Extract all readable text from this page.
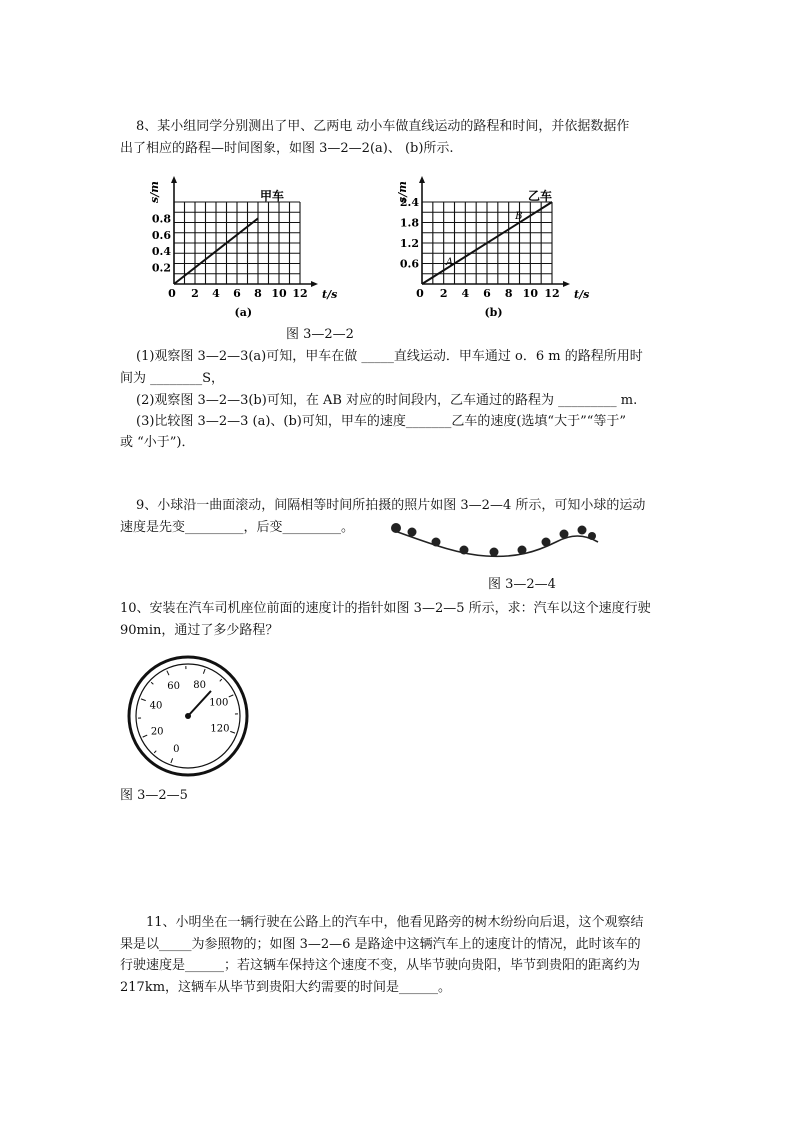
8、某小组同学分别测出了甲、乙两电 动小车做直线运动的路程和时间，并依据数据作
出了相应的路程—时间图象，如图 3—2—2(a)、 (b)所示.
0.2
0.4
0.6
0.8
2 4 6 8 10 12
0
s/m
t/s
甲车
(a)
0.6
1.2
1.8
2.4
2 4 6 8 10 12
0
s/m
t/s
乙车
(b)
A
B
图 3—2—2
(1)观察图 3—2—3(a)可知，甲车在做 _____直线运动．甲车通过 o．6 m 的路程所用时
间为 ________S，
(2)观察图 3—2—3(b)可知，在 AB 对应的时间段内，乙车通过的路程为 _________ m.
(3)比较图 3—2—3 (a)、(b)可知，甲车的速度_______乙车的速度(选填“大于”“等于”
或 “小于”)．
9、小球沿一曲面滚动，间隔相等时间所拍摄的照片如图 3—2—4 所示，可知小球的运动
速度是先变_________，后变_________。
图 3—2—4
10、安装在汽车司机座位前面的速度计的指针如图 3—2—5 所示，求：汽车以这个速度行驶
90min，通过了多少路程？
0
20
40
60 80
100
120
图 3—2—5
11、小明坐在一辆行驶在公路上的汽车中，他看见路旁的树木纷纷向后退，这个观察结
果是以_____为参照物的；如图 3—2—6 是路途中这辆汽车上的速度计的情况，此时该车的
行驶速度是______；若这辆车保持这个速度不变，从毕节驶向贵阳，毕节到贵阳的距离约为
217km，这辆车从毕节到贵阳大约需要的时间是______。
